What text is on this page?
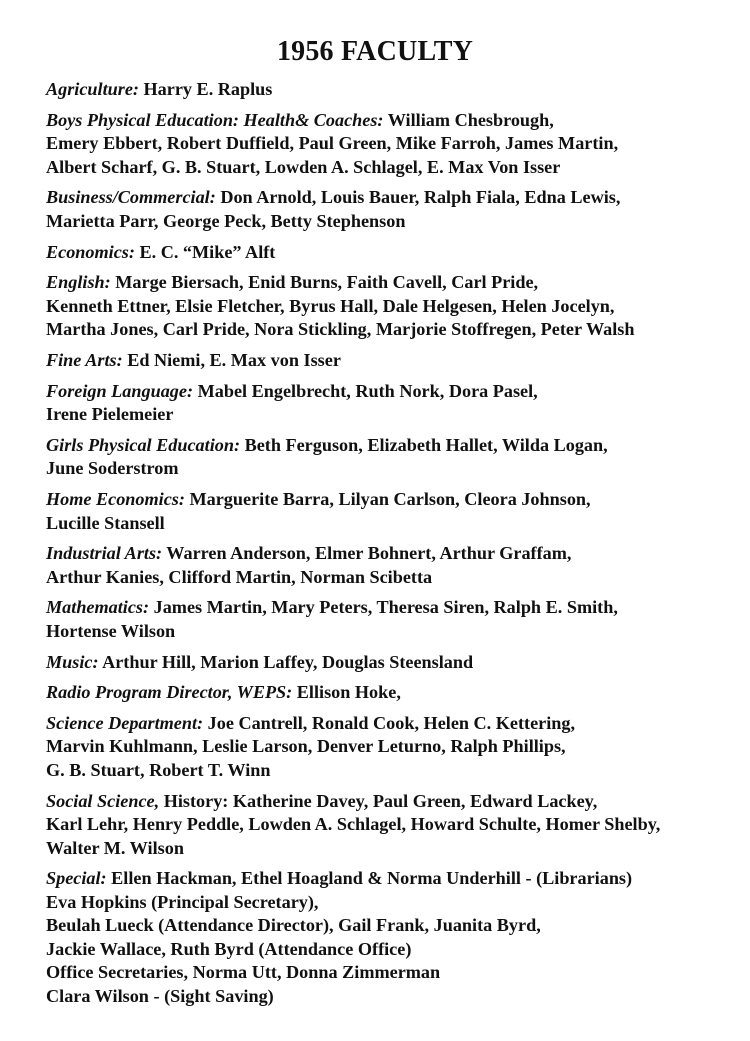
1956 FACULTY
Agriculture: Harry E. Raplus
Boys Physical Education: Health& Coaches: William Chesbrough,
Emery Ebbert, Robert Duffield, Paul Green, Mike Farroh, James Martin,
Albert Scharf, G. B. Stuart, Lowden A. Schlagel, E. Max Von Isser
Business/Commercial: Don Arnold, Louis Bauer, Ralph Fiala, Edna Lewis,
Marietta Parr, George Peck, Betty Stephenson
Economics: E. C. “Mike” Alft
English: Marge Biersach, Enid Burns, Faith Cavell, Carl Pride,
Kenneth Ettner, Elsie Fletcher, Byrus Hall, Dale Helgesen, Helen Jocelyn,
Martha Jones, Carl Pride, Nora Stickling, Marjorie Stoffregen, Peter Walsh
Fine Arts: Ed Niemi, E. Max von Isser
Foreign Language: Mabel Engelbrecht, Ruth Nork, Dora Pasel,
Irene Pielemeier
Girls Physical Education: Beth Ferguson, Elizabeth Hallet, Wilda Logan,
June Soderstrom
Home Economics: Marguerite Barra, Lilyan Carlson, Cleora Johnson,
Lucille Stansell
Industrial Arts: Warren Anderson, Elmer Bohnert, Arthur Graffam,
Arthur Kanies, Clifford Martin, Norman Scibetta
Mathematics: James Martin, Mary Peters, Theresa Siren, Ralph E. Smith,
Hortense Wilson
Music: Arthur Hill, Marion Laffey, Douglas Steensland
Radio Program Director, WEPS: Ellison Hoke,
Science Department: Joe Cantrell, Ronald Cook, Helen C. Kettering,
Marvin Kuhlmann, Leslie Larson, Denver Leturno, Ralph Phillips,
G. B. Stuart, Robert T. Winn
Social Science, History: Katherine Davey, Paul Green, Edward Lackey,
Karl Lehr, Henry Peddle, Lowden A. Schlagel, Howard Schulte, Homer Shelby,
Walter M. Wilson
Special: Ellen Hackman, Ethel Hoagland & Norma Underhill - (Librarians)
Eva Hopkins (Principal Secretary),
Beulah Lueck (Attendance Director), Gail Frank, Juanita Byrd,
Jackie Wallace, Ruth Byrd (Attendance Office)
Office Secretaries, Norma Utt, Donna Zimmerman
Clara Wilson - (Sight Saving)
